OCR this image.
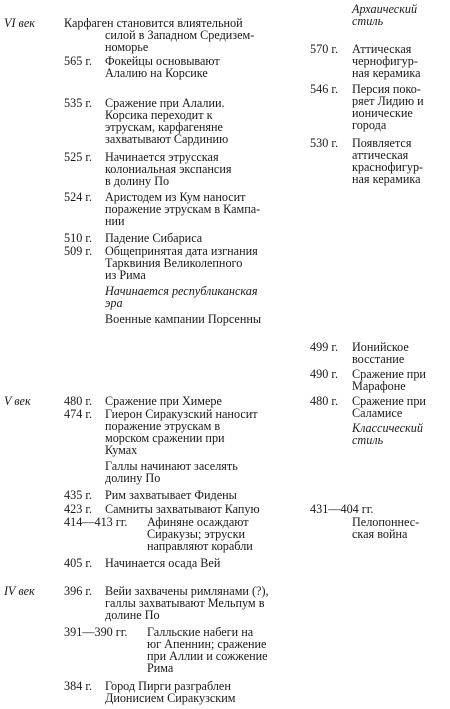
VI век
V век
IV век
Карфаген становится влиятельной
силой в Западном Средизем-
номорье
565 г. Фокейцы основывают
Алалию на Корсике
535 г. Сражение при Алалии.
Корсика переходит к
этрускам, карфагеняне
захватывают Сардинию
525 г. Начинается этрусская
колониальная экспансия
в долину По
524 г. Аристодем из Кум наносит
поражение этрускам в Кампа-
нии
510 г. Падение Сибариса
509 г. Общепринятая дата изгнания
Тарквиния Великолепного
из Рима
Начинается республиканская
эра
Военные кампании Порсенны
480 г. Сражение при Химере
474 г. Гиерон Сиракузский наносит
поражение этрускам в
морском сражении при
Кумах
Галлы начинают заселять
долину По
435 г. Рим захватывает Фидены
423 г. Самниты захватывают Капую
414—413 гг. Афиняне осаждают
Сиракузы; этруски
направляют корабли
405 г. Начинается осада Вей
396 г. Вейи захвачены римлянами (?),
галлы захватывают Мельпум в
долине По
391—390 гг. Галльские набеги на
юг Апеннин; сражение
при Аллии и сожжение
Рима
384 г. Город Пирги разграблен
Дионисием Сиракузским
Архаический
стиль
570 г. Аттическая
чернофигур-
ная керамика
546 г. Персия поко-
ряет Лидию и
ионические
города
530 г. Появляется
аттическая
краснофигур-
ная керамика
499 г. Ионийское
восстание
490 г. Сражение при
Марафоне
480 г. Сражение при
Саламисе
Классический
стиль
431—404 гг.
Пелопоннес-
ская война
